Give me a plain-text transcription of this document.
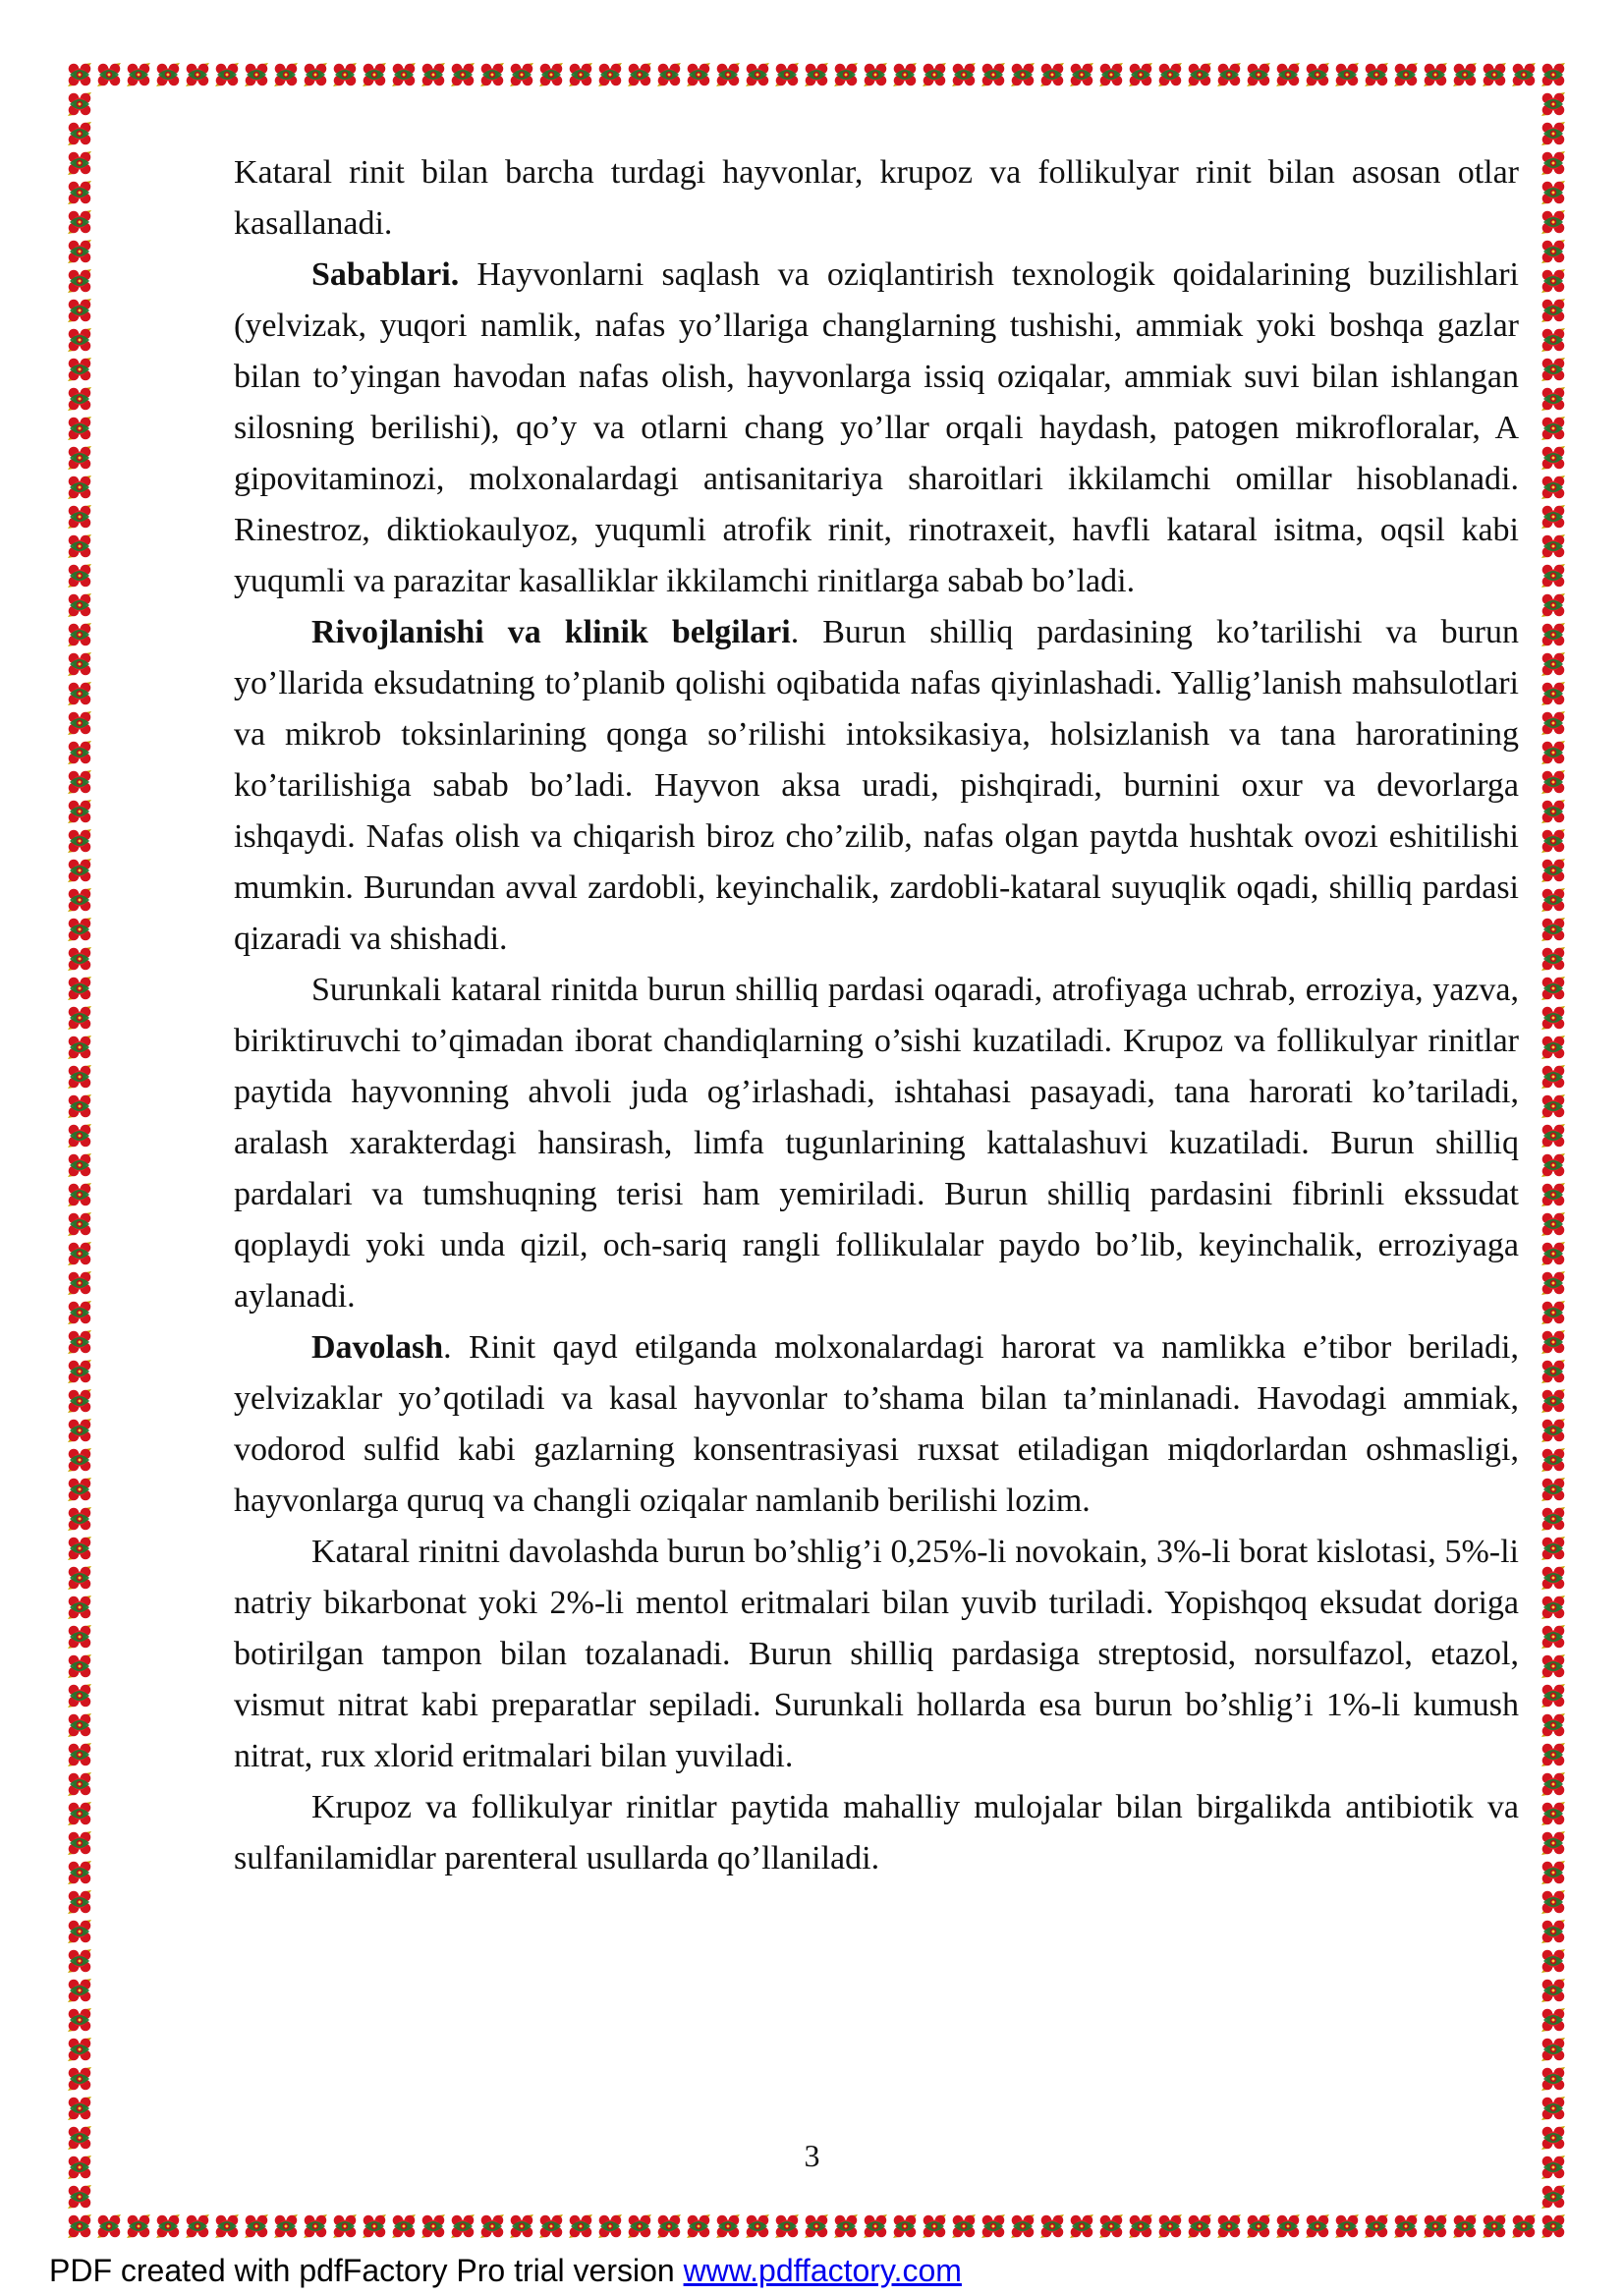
Kataral rinit bilan barcha turdagi hayvonlar, krupoz va follikulyar rinit bilan asosan otlar kasallanadi.

Sabablari. Hayvonlarni saqlash va oziqlantirish texnologik qoidalarining buzilishlari (yelvizak, yuqori namlik, nafas yo’llariga changlarning tushishi, ammiak yoki boshqa gazlar bilan to’yingan havodan nafas olish, hayvonlarga issiq oziqalar, ammiak suvi bilan ishlangan silosning berilishi), qo’y va otlarni chang yo’llar orqali haydash, patogen mikrofloralar, A gipovitaminozi, molxonalardagi antisanitariya sharoitlari ikkilamchi omillar hisoblanadi. Rinestroz, diktiokaulyoz, yuqumli atrofik rinit, rinotraxeit, havfli kataral isitma, oqsil kabi yuqumli va parazitar kasalliklar ikkilamchi rinitlarga sabab bo’ladi.

Rivojlanishi va klinik belgilari. Burun shilliq pardasining ko’tarilishi va burun yo’llarida eksudatning to’planib qolishi oqibatida nafas qiyinlashadi. Yallig’lanish mahsulotlari va mikrob toksinlarining qonga so’rilishi intoksikasiya, holsizlanish va tana haroratining ko’tarilishiga sabab bo’ladi. Hayvon aksa uradi, pishqiradi, burnini oxur va devorlarga ishqaydi. Nafas olish va chiqarish biroz cho’zilib, nafas olgan paytda hushtak ovozi eshitilishi mumkin. Burundan avval zardobli, keyinchalik, zardobli-kataral suyuqlik oqadi, shilliq pardasi qizaradi va shishadi.

Surunkali kataral rinitda burun shilliq pardasi oqaradi, atrofiyaga uchrab, erroziya, yazva, biriktiruvchi to’qimadan iborat chandiqlarning o’sishi kuzatiladi. Krupoz va follikulyar rinitlar paytida hayvonning ahvoli juda og’irlashadi, ishtahasi pasayadi, tana harorati ko’tariladi, aralash xarakterdagi hansirash, limfa tugunlarining kattalashuvi kuzatiladi. Burun shilliq pardalari va tumshuqning terisi ham yemiriladi. Burun shilliq pardasini fibrinli ekssudat qoplaydi yoki unda qizil, och-sariq rangli follikulalar paydo bo’lib, keyinchalik, erroziyaga aylanadi.

Davolash. Rinit qayd etilganda molxonalardagi harorat va namlikka e’tibor beriladi, yelvizaklar yo’qotiladi va kasal hayvonlar to’shama bilan ta’minlanadi. Havodagi ammiak, vodorod sulfid kabi gazlarning konsentrasiyasi ruxsat etiladigan miqdorlardan oshmasligi, hayvonlarga quruq va changli oziqalar namlanib berilishi lozim.

Kataral rinitni davolashda burun bo’shlig’i 0,25%-li novokain, 3%-li borat kislotasi, 5%-li natriy bikarbonat yoki 2%-li mentol eritmalari bilan yuvib turiladi. Yopishqoq eksudat doriga botirilgan tampon bilan tozalanadi. Burun shilliq pardasiga streptosid, norsulfazol, etazol, vismut nitrat kabi preparatlar sepiladi. Surunkali hollarda esa burun bo’shlig’i 1%-li kumush nitrat, rux xlorid eritmalari bilan yuviladi.

Krupoz va follikulyar rinitlar paytida mahalliy mulojalar bilan birgalikda antibiotik va sulfanilamidlar parenteral usullarda qo’llaniladi.

3
PDF created with pdfFactory Pro trial version www.pdffactory.com
